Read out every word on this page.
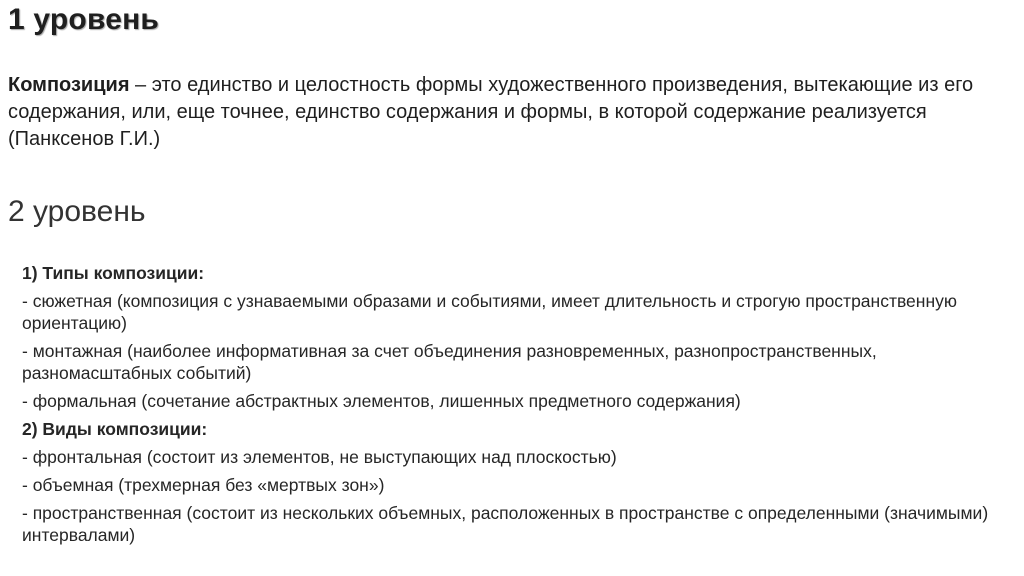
1 уровень
Композиция – это единство и целостность формы художественного произведения, вытекающие из его содержания, или, еще точнее, единство содержания и формы, в которой содержание реализуется (Панксенов Г.И.)
2 уровень
1) Типы композиции:
- сюжетная (композиция с узнаваемыми образами и событиями, имеет длительность и строгую пространственную ориентацию)
- монтажная (наиболее информативная за счет объединения разновременных, разнопространственных, разномасштабных событий)
- формальная (сочетание абстрактных элементов, лишенных предметного содержания)
2) Виды композиции:
- фронтальная (состоит из элементов, не выступающих над плоскостью)
- объемная (трехмерная без «мертвых зон»)
- пространственная (состоит из нескольких объемных, расположенных в пространстве с определенными (значимыми) интервалами)
